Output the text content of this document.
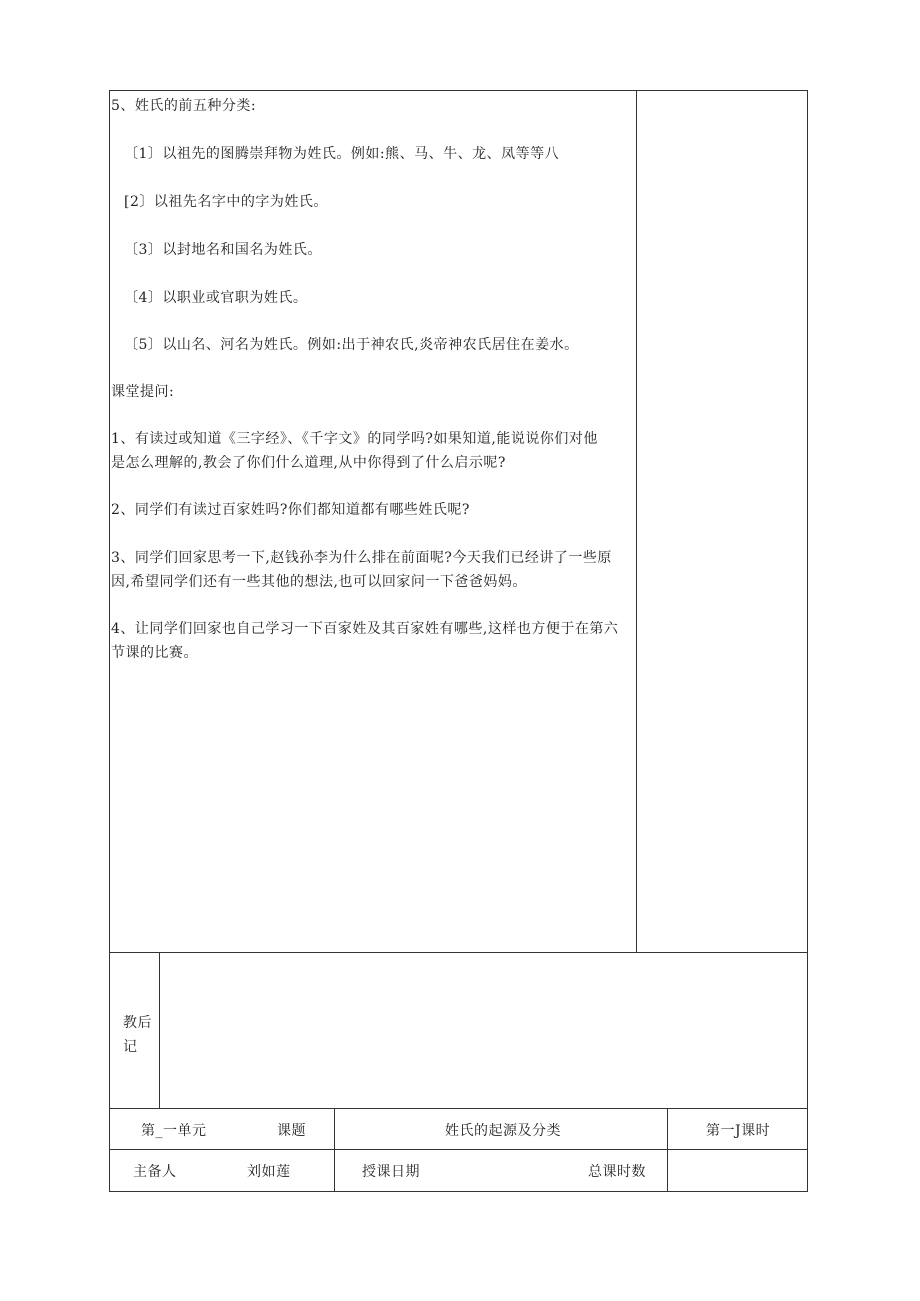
5、姓氏的前五种分类:
〔1〕以祖先的图腾崇拜物为姓氏。例如:熊、马、牛、龙、凤等等八
[2〕以祖先名字中的字为姓氏。
〔3〕以封地名和国名为姓氏。
〔4〕以职业或官职为姓氏。
〔5〕以山名、河名为姓氏。例如:出于神农氏,炎帝神农氏居住在姜水。
课堂提问:
1、有读过或知道《三字经》、《千字文》的同学吗?如果知道,能说说你们对他
是怎么理解的,教会了你们什么道理,从中你得到了什么启示呢?
2、同学们有读过百家姓吗?你们都知道都有哪些姓氏呢?
3、同学们回家思考一下,赵钱孙李为什么排在前面呢?今天我们已经讲了一些原
因,希望同学们还有一些其他的想法,也可以回家问一下爸爸妈妈。
4、让同学们回家也自己学习一下百家姓及其百家姓有哪些,这样也方便于在第六
节课的比赛。
教后
记
第_一单元	课题	姓氏的起源及分类	第一J课时
主备人	刘如莲	授课日期	总课时数
